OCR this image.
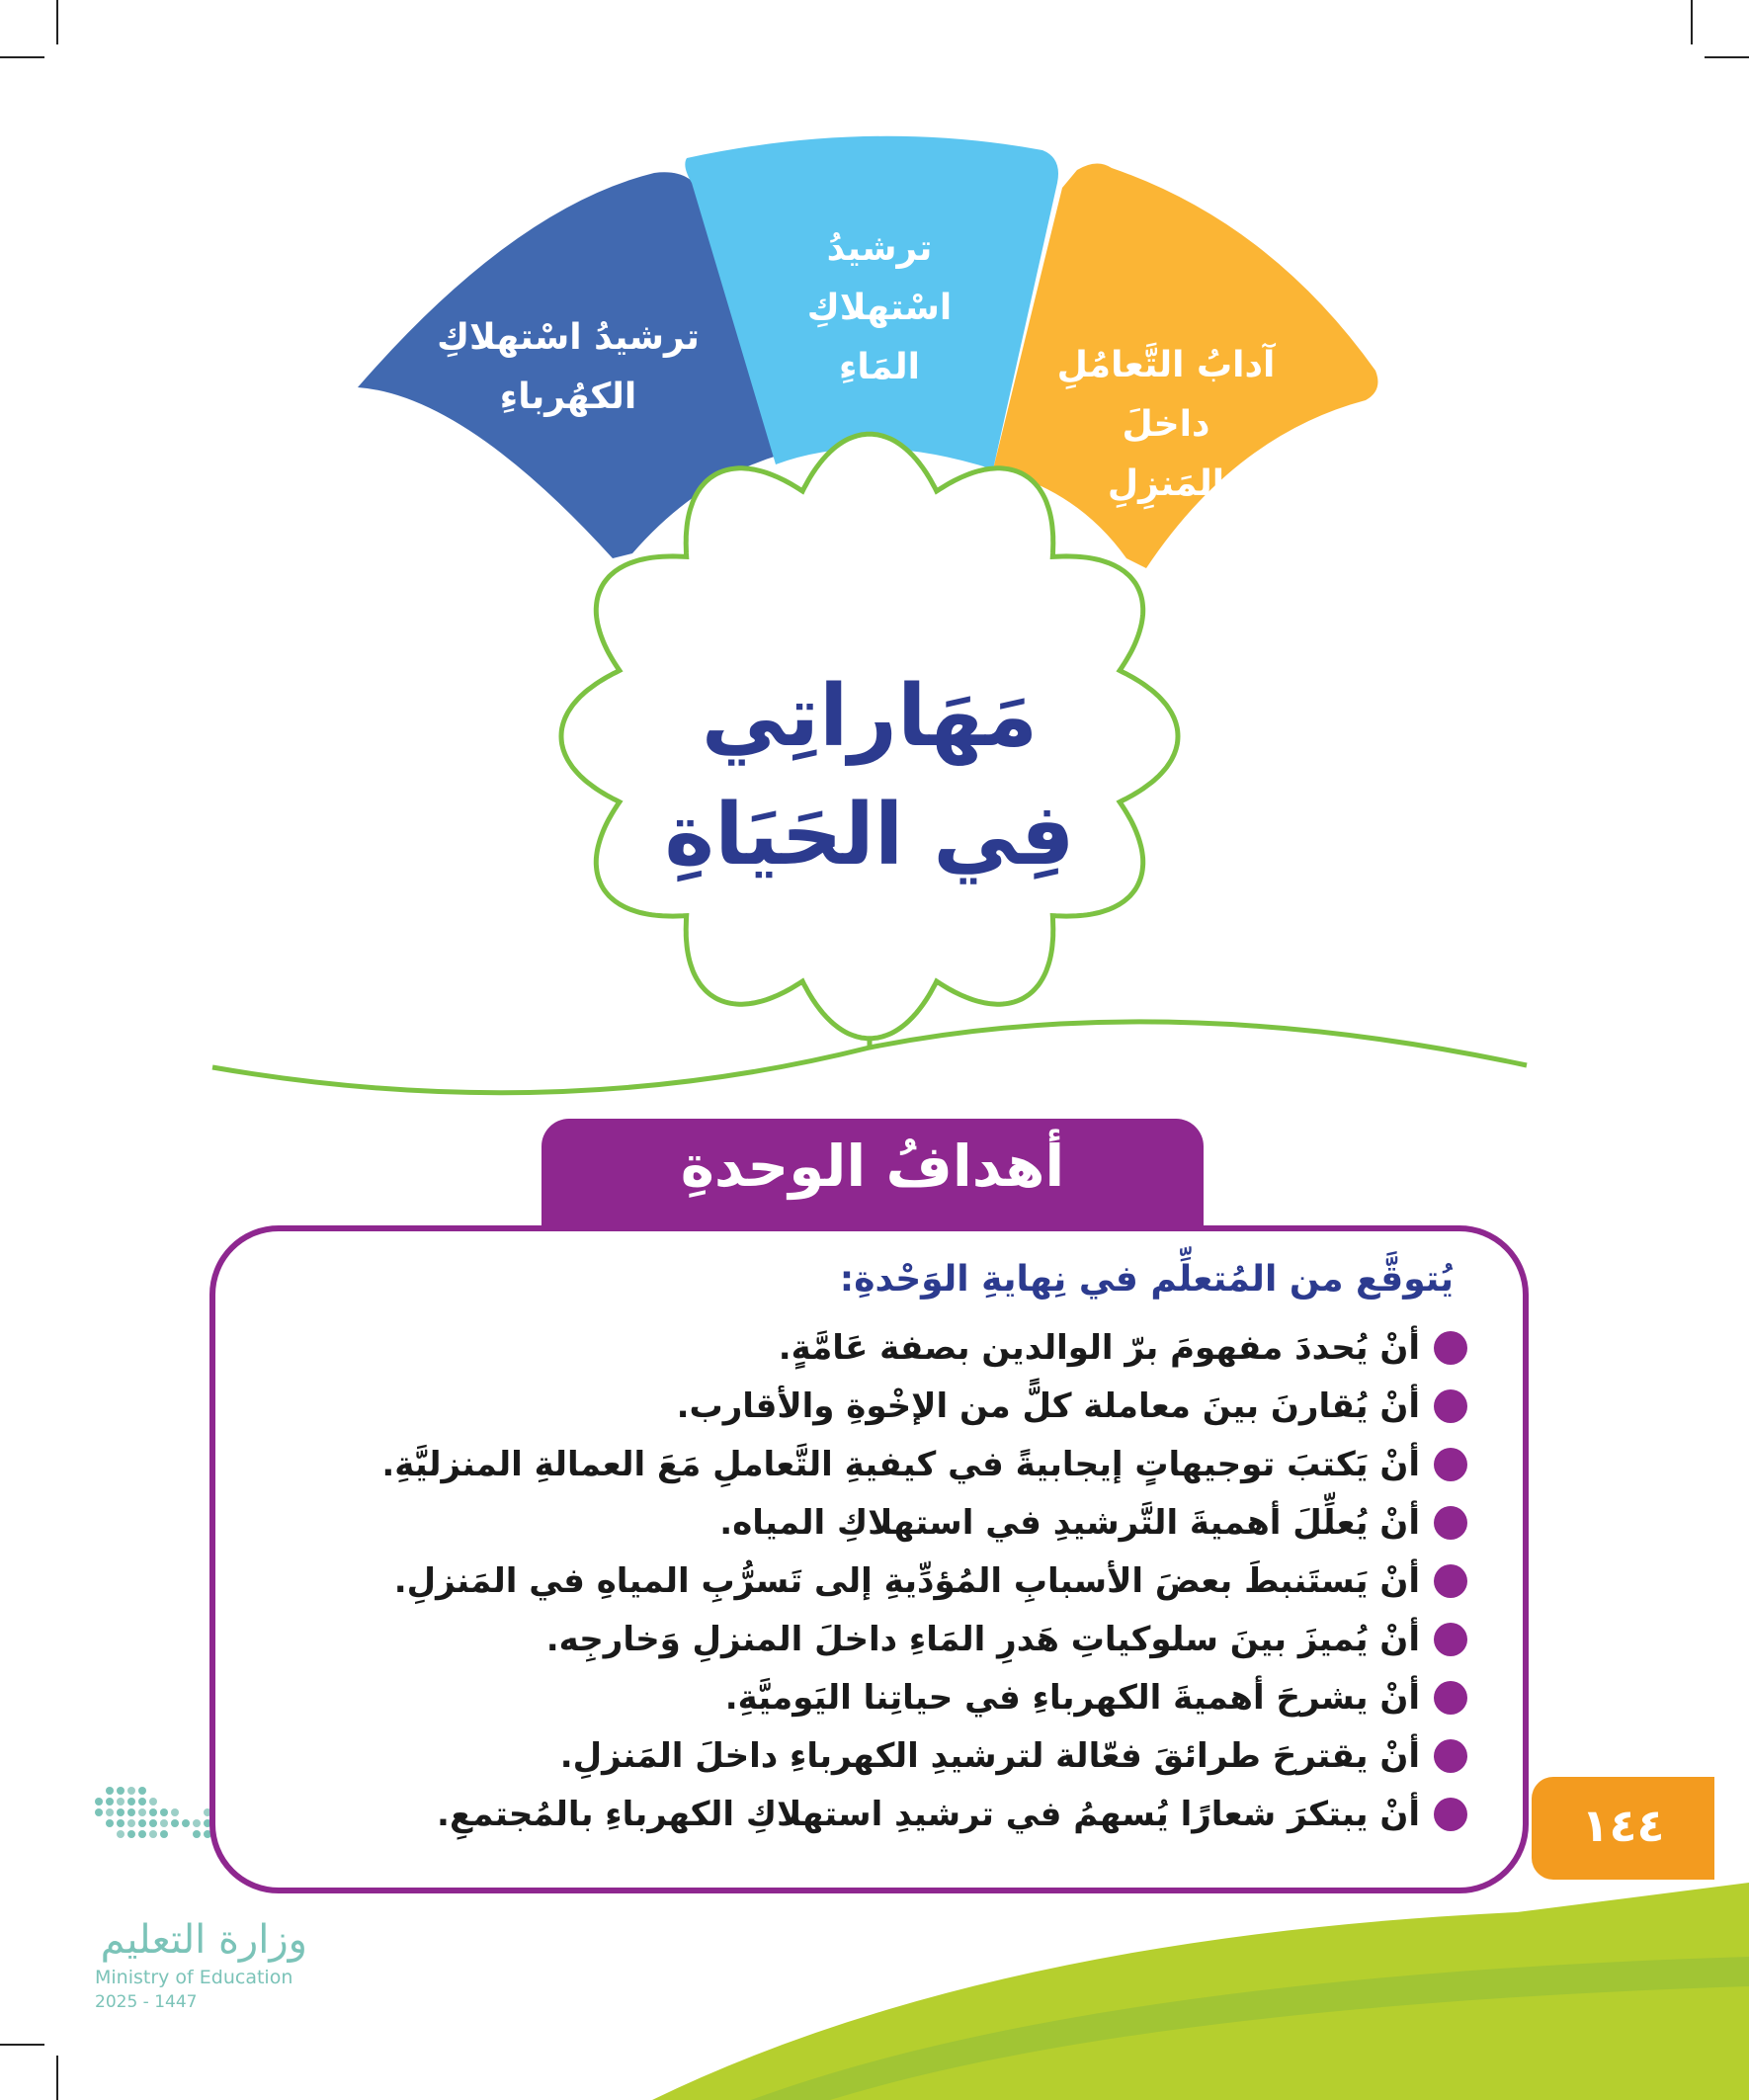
ترشيدُ اسْتهلاكِ
الكهُرباءِ
ترشيدُ اسْتهلاكِ
المَاءِ	آدابُ التَّعامُلِ داخلَ
المَنزِلِ
مَهَاراتِي
فِي الحَيَاةِ
أهدافُ الوحدةِ
يُتوقَّع من المُتعلِّم في نِهايةِ الوَحْدةِ:
أنْ يُحددَ مفهومَ برّ الوالدين بصفة عَامَّةٍ.
أنْ يُقارنَ بينَ معاملة كلًّ من الإخْوةِ والأقارب.
أنْ يَكتبَ توجيهاتٍ إيجابيةً في كيفيةِ التَّعاملِ مَعَ العمالةِ المنزليَّةِ.
أنْ يُعلِّلَ أهميةَ التَّرشيدِ في استهلاكِ المياه.
أنْ يَستَنبطَ بعضَ الأسبابِ المُؤدِّيةِ إلى تَسرُّبِ المياهِ في المَنزلِ.
أنْ يُميزَ بينَ سلوكياتِ هَدرِ المَاءِ داخلَ المنزلِ وَخارجِه.
أنْ يشرحَ أهميةَ الكهرباءِ في حياتِنا اليَوميَّةِ.
أنْ يقترحَ طرائقَ فعّالة لترشيدِ الكهرباءِ داخلَ المَنزلِ.
أنْ يبتكرَ شعارًا يُسهمُ في ترشيدِ استهلاكِ الكهرباءِ بالمُجتمعِ.	١٤٤
وزارة التعليم
Ministry of Education
2025 - 1447
